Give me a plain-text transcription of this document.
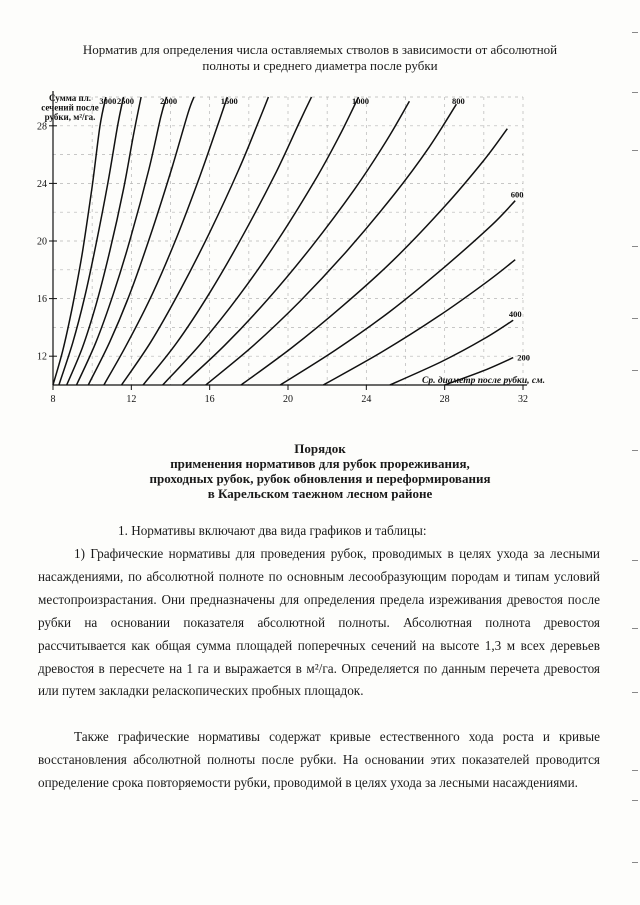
Норматив для определения числа оставляемых стволов в зависимости от абсолютной
полноты и среднего диаметра после рубки
8	12	16	20	24	28	32
12
16
20
24
28
Сумма пл.
сечений после
рубки, м²/га.
Ср. диаметр после рубки, см.
3000 2500	2000	1500	1000	800
600
400
200
Порядок
применения нормативов для рубок прореживания,
проходных рубок, рубок обновления и переформирования
в Карельском таежном лесном районе
1. Нормативы включают два вида графиков и таблицы:
1) Графические нормативы для проведения рубок, проводимых в целях ухода за лесными насаждениями, по абсолютной полноте по основным лесообразующим породам и типам условий местопроизрастания. Они предназначены для определения предела изреживания древостоя после рубки на основании показателя абсолютной полноты. Абсолютная полнота древостоя рассчитывается как общая сумма площадей поперечных сечений на высоте 1,3 м всех деревьев древостоя в пересчете на 1 га и выражается в м²/га. Определяется по данным перечета древостоя или путем закладки реласкопических пробных площадок.
Также графические нормативы содержат кривые естественного хода роста и кривые восстановления абсолютной полноты после рубки. На основании этих показателей проводится определение срока повторяемости рубки, проводимой в целях ухода за лесными насаждениями.
